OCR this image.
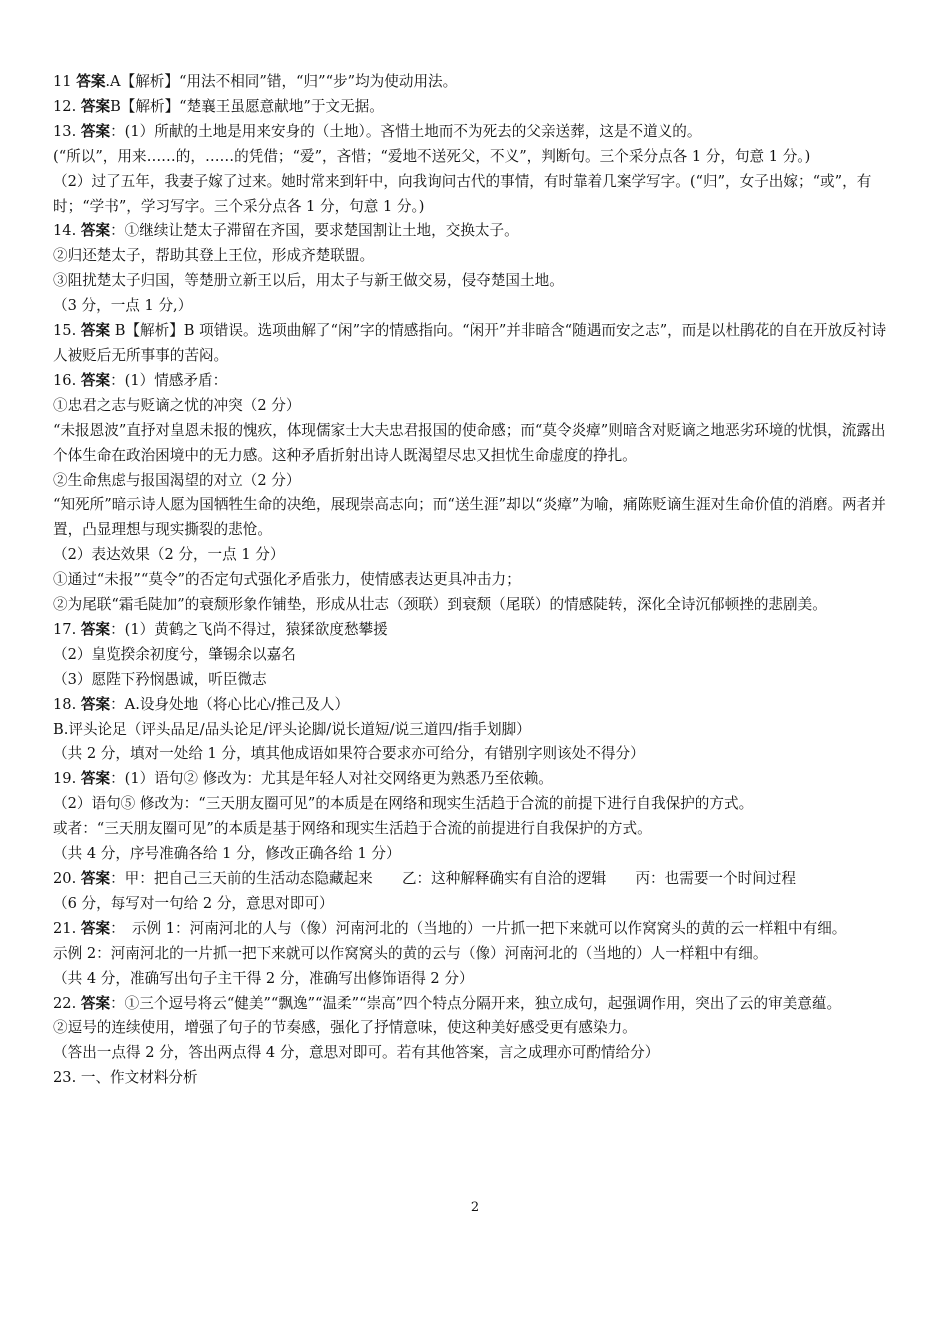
11 答案.A【解析】“用法不相同”错，“归”“步”均为使动用法。

12. 答案B【解析】“楚襄王虽愿意献地”于文无据。

13. 答案：(1）所献的土地是用来安身的（土地）。吝惜土地而不为死去的父亲送葬，这是不道义的。

(“所以”，用来……的，……的凭借；“爱”，吝惜；“爱地不送死父，不义”，判断句。三个采分点各 1 分，句意 1 分。)

（2）过了五年，我妻子嫁了过来。她时常来到轩中，向我询问古代的事情，有时靠着几案学写字。(“归”，女子出嫁；“或”，有时；“学书”，学习写字。三个采分点各 1 分，句意 1 分。)

14. 答案：①继续让楚太子滞留在齐国，要求楚国割让土地，交换太子。

②归还楚太子，帮助其登上王位，形成齐楚联盟。

③阻扰楚太子归国，等楚册立新王以后，用太子与新王做交易，侵夺楚国土地。

（3 分，一点 1 分,）

15. 答案 B【解析】B 项错误。选项曲解了“闲”字的情感指向。“闲开”并非暗含“随遇而安之志”，而是以杜鹃花的自在开放反衬诗人被贬后无所事事的苦闷。

16. 答案：(1）情感矛盾：

①忠君之志与贬谪之忧的冲突（2 分）

“未报恩波”直抒对皇恩未报的愧疚，体现儒家士大夫忠君报国的使命感；而“莫令炎瘴”则暗含对贬谪之地恶劣环境的忧惧，流露出个体生命在政治困境中的无力感。这种矛盾折射出诗人既渴望尽忠又担忧生命虚度的挣扎。

②生命焦虑与报国渴望的对立（2 分）

“知死所”暗示诗人愿为国牺牲生命的决绝，展现崇高志向；而“送生涯”却以“炎瘴”为喻，痛陈贬谪生涯对生命价值的消磨。两者并置，凸显理想与现实撕裂的悲怆。

（2）表达效果（2 分，一点 1 分）

①通过“未报”“莫令”的否定句式强化矛盾张力，使情感表达更具冲击力；

②为尾联“霜毛陡加”的衰颓形象作铺垫，形成从壮志（颈联）到衰颓（尾联）的情感陡转，深化全诗沉郁顿挫的悲剧美。

17. 答案：(1）黄鹤之飞尚不得过，猿猱欲度愁攀援

（2）皇览揆余初度兮，肇锡余以嘉名

（3）愿陛下矜悯愚诚，听臣微志

18. 答案：A.设身处地（将心比心/推己及人）

B.评头论足（评头品足/品头论足/评头论脚/说长道短/说三道四/指手划脚）

（共 2 分，填对一处给 1 分，填其他成语如果符合要求亦可给分，有错别字则该处不得分）

19. 答案：(1）语句② 修改为：尤其是年轻人对社交网络更为熟悉乃至依赖。

（2）语句⑤ 修改为：“三天朋友圈可见”的本质是在网络和现实生活趋于合流的前提下进行自我保护的方式。

或者：“三天朋友圈可见”的本质是基于网络和现实生活趋于合流的前提进行自我保护的方式。

（共 4 分，序号准确各给 1 分，修改正确各给 1 分）

20. 答案：甲：把自己三天前的生活动态隐藏起来　　乙：这种解释确实有自洽的逻辑　　丙：也需要一个时间过程

（6 分，每写对一句给 2 分，意思对即可）

21. 答案：　示例 1：河南河北的人与（像）河南河北的（当地的）一片抓一把下来就可以作窝窝头的黄的云一样粗中有细。

示例 2：河南河北的一片抓一把下来就可以作窝窝头的黄的云与（像）河南河北的（当地的）人一样粗中有细。

（共 4 分，准确写出句子主干得 2 分，准确写出修饰语得 2 分）

22. 答案：①三个逗号将云“健美”“飘逸”“温柔”“崇高”四个特点分隔开来，独立成句，起强调作用，突出了云的审美意蕴。

②逗号的连续使用，增强了句子的节奏感，强化了抒情意味，使这种美好感受更有感染力。

（答出一点得 2 分，答出两点得 4 分，意思对即可。若有其他答案，言之成理亦可酌情给分）

23. 一、作文材料分析

2
